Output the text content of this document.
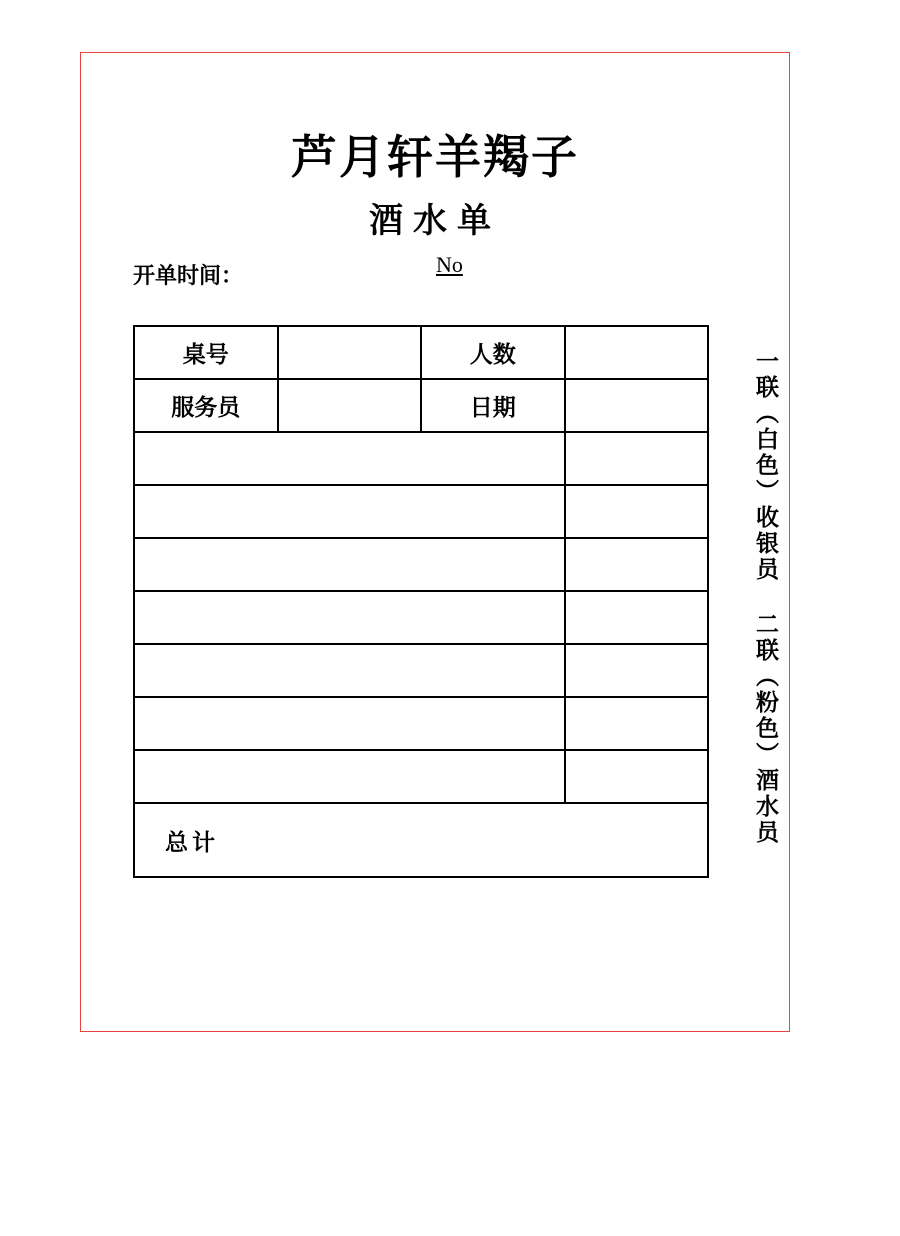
芦月轩羊羯子
酒水单
开单时间：	No
桌号		人数	
服务员		日期	

总计				一联（白色）收银员 二联（粉色）酒水员
